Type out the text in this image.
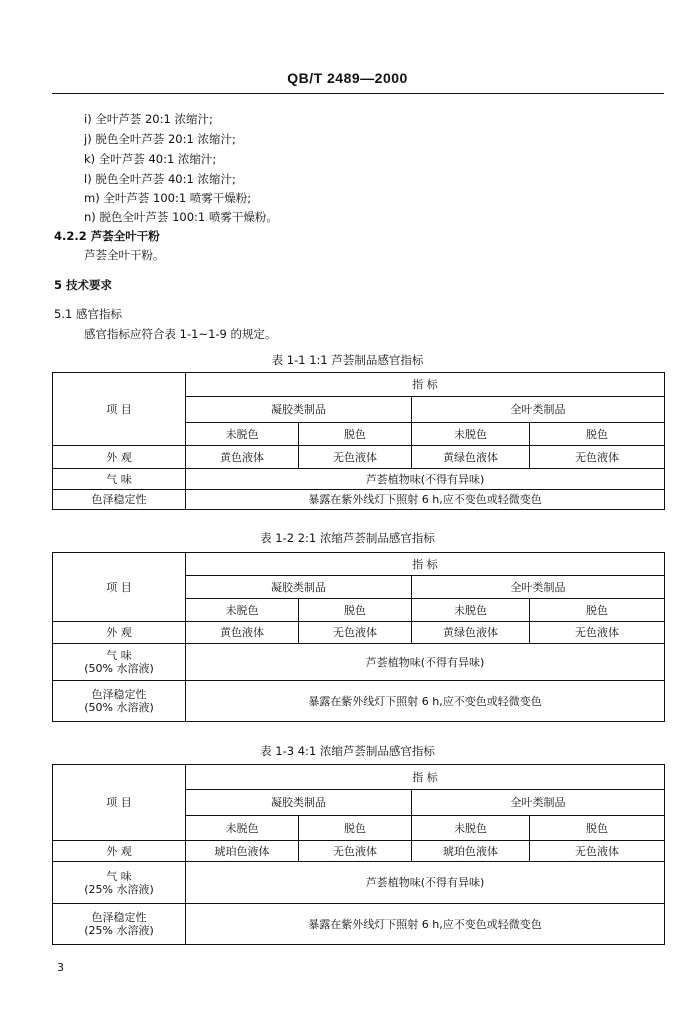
QB/T 2489—2000
i) 全叶芦荟 20:1 浓缩汁;
j) 脱色全叶芦荟 20:1 浓缩汁;
k) 全叶芦荟 40:1 浓缩汁;
l) 脱色全叶芦荟 40:1 浓缩汁;
m) 全叶芦荟 100:1 喷雾干燥粉;
n) 脱色全叶芦荟 100:1 喷雾干燥粉。
4.2.2 芦荟全叶干粉
芦荟全叶干粉。
5 技术要求
5.1 感官指标
感官指标应符合表 1-1~1-9 的规定。
表 1-1 1:1 芦荟制品感官指标
项 目	指 标			
	凝胶类制品		全叶类制品	
	未脱色	脱色	未脱色	脱色
外 观	黄色液体	无色液体	黄绿色液体	无色液体
气 味	芦荟植物味(不得有异味)			
色泽稳定性	暴露在紫外线灯下照射 6 h,应不变色或轻微变色			
表 1-2 2:1 浓缩芦荟制品感官指标
项 目	指 标			
	凝胶类制品		全叶类制品	
	未脱色	脱色	未脱色	脱色
外 观	黄色液体	无色液体	黄绿色液体	无色液体

气 味
(50% 水溶液)	芦荟植物味(不得有异味)			

色泽稳定性
(50% 水溶液)	暴露在紫外线灯下照射 6 h,应不变色或轻微变色			
表 1-3 4:1 浓缩芦荟制品感官指标
项 目	指 标			
	凝胶类制品		全叶类制品	
	未脱色	脱色	未脱色	脱色
外 观	琥珀色液体	无色液体	琥珀色液体	无色液体

气 味
(25% 水溶液)	芦荟植物味(不得有异味)			

色泽稳定性
(25% 水溶液)	暴露在紫外线灯下照射 6 h,应不变色或轻微变色			
3
